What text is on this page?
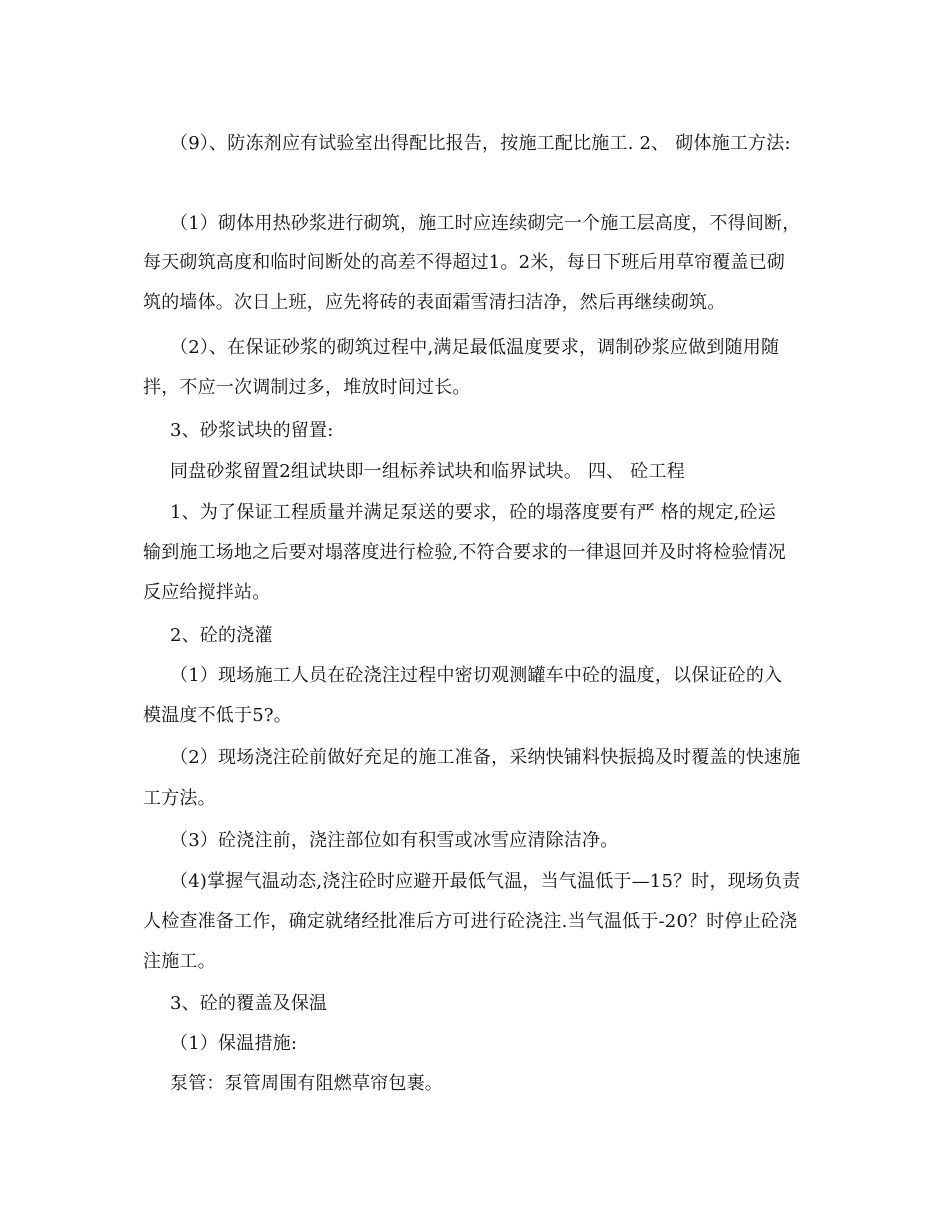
（9）、防冻剂应有试验室出得配比报告，按施工配比施工. 2、 砌体施工方法:
（1）砌体用热砂浆进行砌筑，施工时应连续砌完一个施工层高度，不得间断，
每天砌筑高度和临时间断处的高差不得超过1。2米，每日下班后用草帘覆盖已砌
筑的墙体。次日上班，应先将砖的表面霜雪清扫洁净，然后再继续砌筑。
（2）、在保证砂浆的砌筑过程中,满足最低温度要求，调制砂浆应做到随用随
拌，不应一次调制过多，堆放时间过长。
3、砂浆试块的留置:
同盘砂浆留置2组试块即一组标养试块和临界试块。 四、 砼工程
1、为了保证工程质量并满足泵送的要求，砼的塌落度要有严 格的规定,砼运
输到施工场地之后要对塌落度进行检验,不符合要求的一律退回并及时将检验情况
反应给搅拌站。
2、砼的浇灌
（1）现场施工人员在砼浇注过程中密切观测罐车中砼的温度，以保证砼的入
模温度不低于5?。
（2）现场浇注砼前做好充足的施工准备，采纳快铺料快振捣及时覆盖的快速施
工方法。
（3）砼浇注前，浇注部位如有积雪或冰雪应清除洁净。
（4)掌握气温动态,浇注砼时应避开最低气温，当气温低于—15？时，现场负责
人检查准备工作，确定就绪经批准后方可进行砼浇注.当气温低于-20？时停止砼浇
注施工。
3、砼的覆盖及保温
（1）保温措施:
泵管：泵管周围有阻燃草帘包裹。
